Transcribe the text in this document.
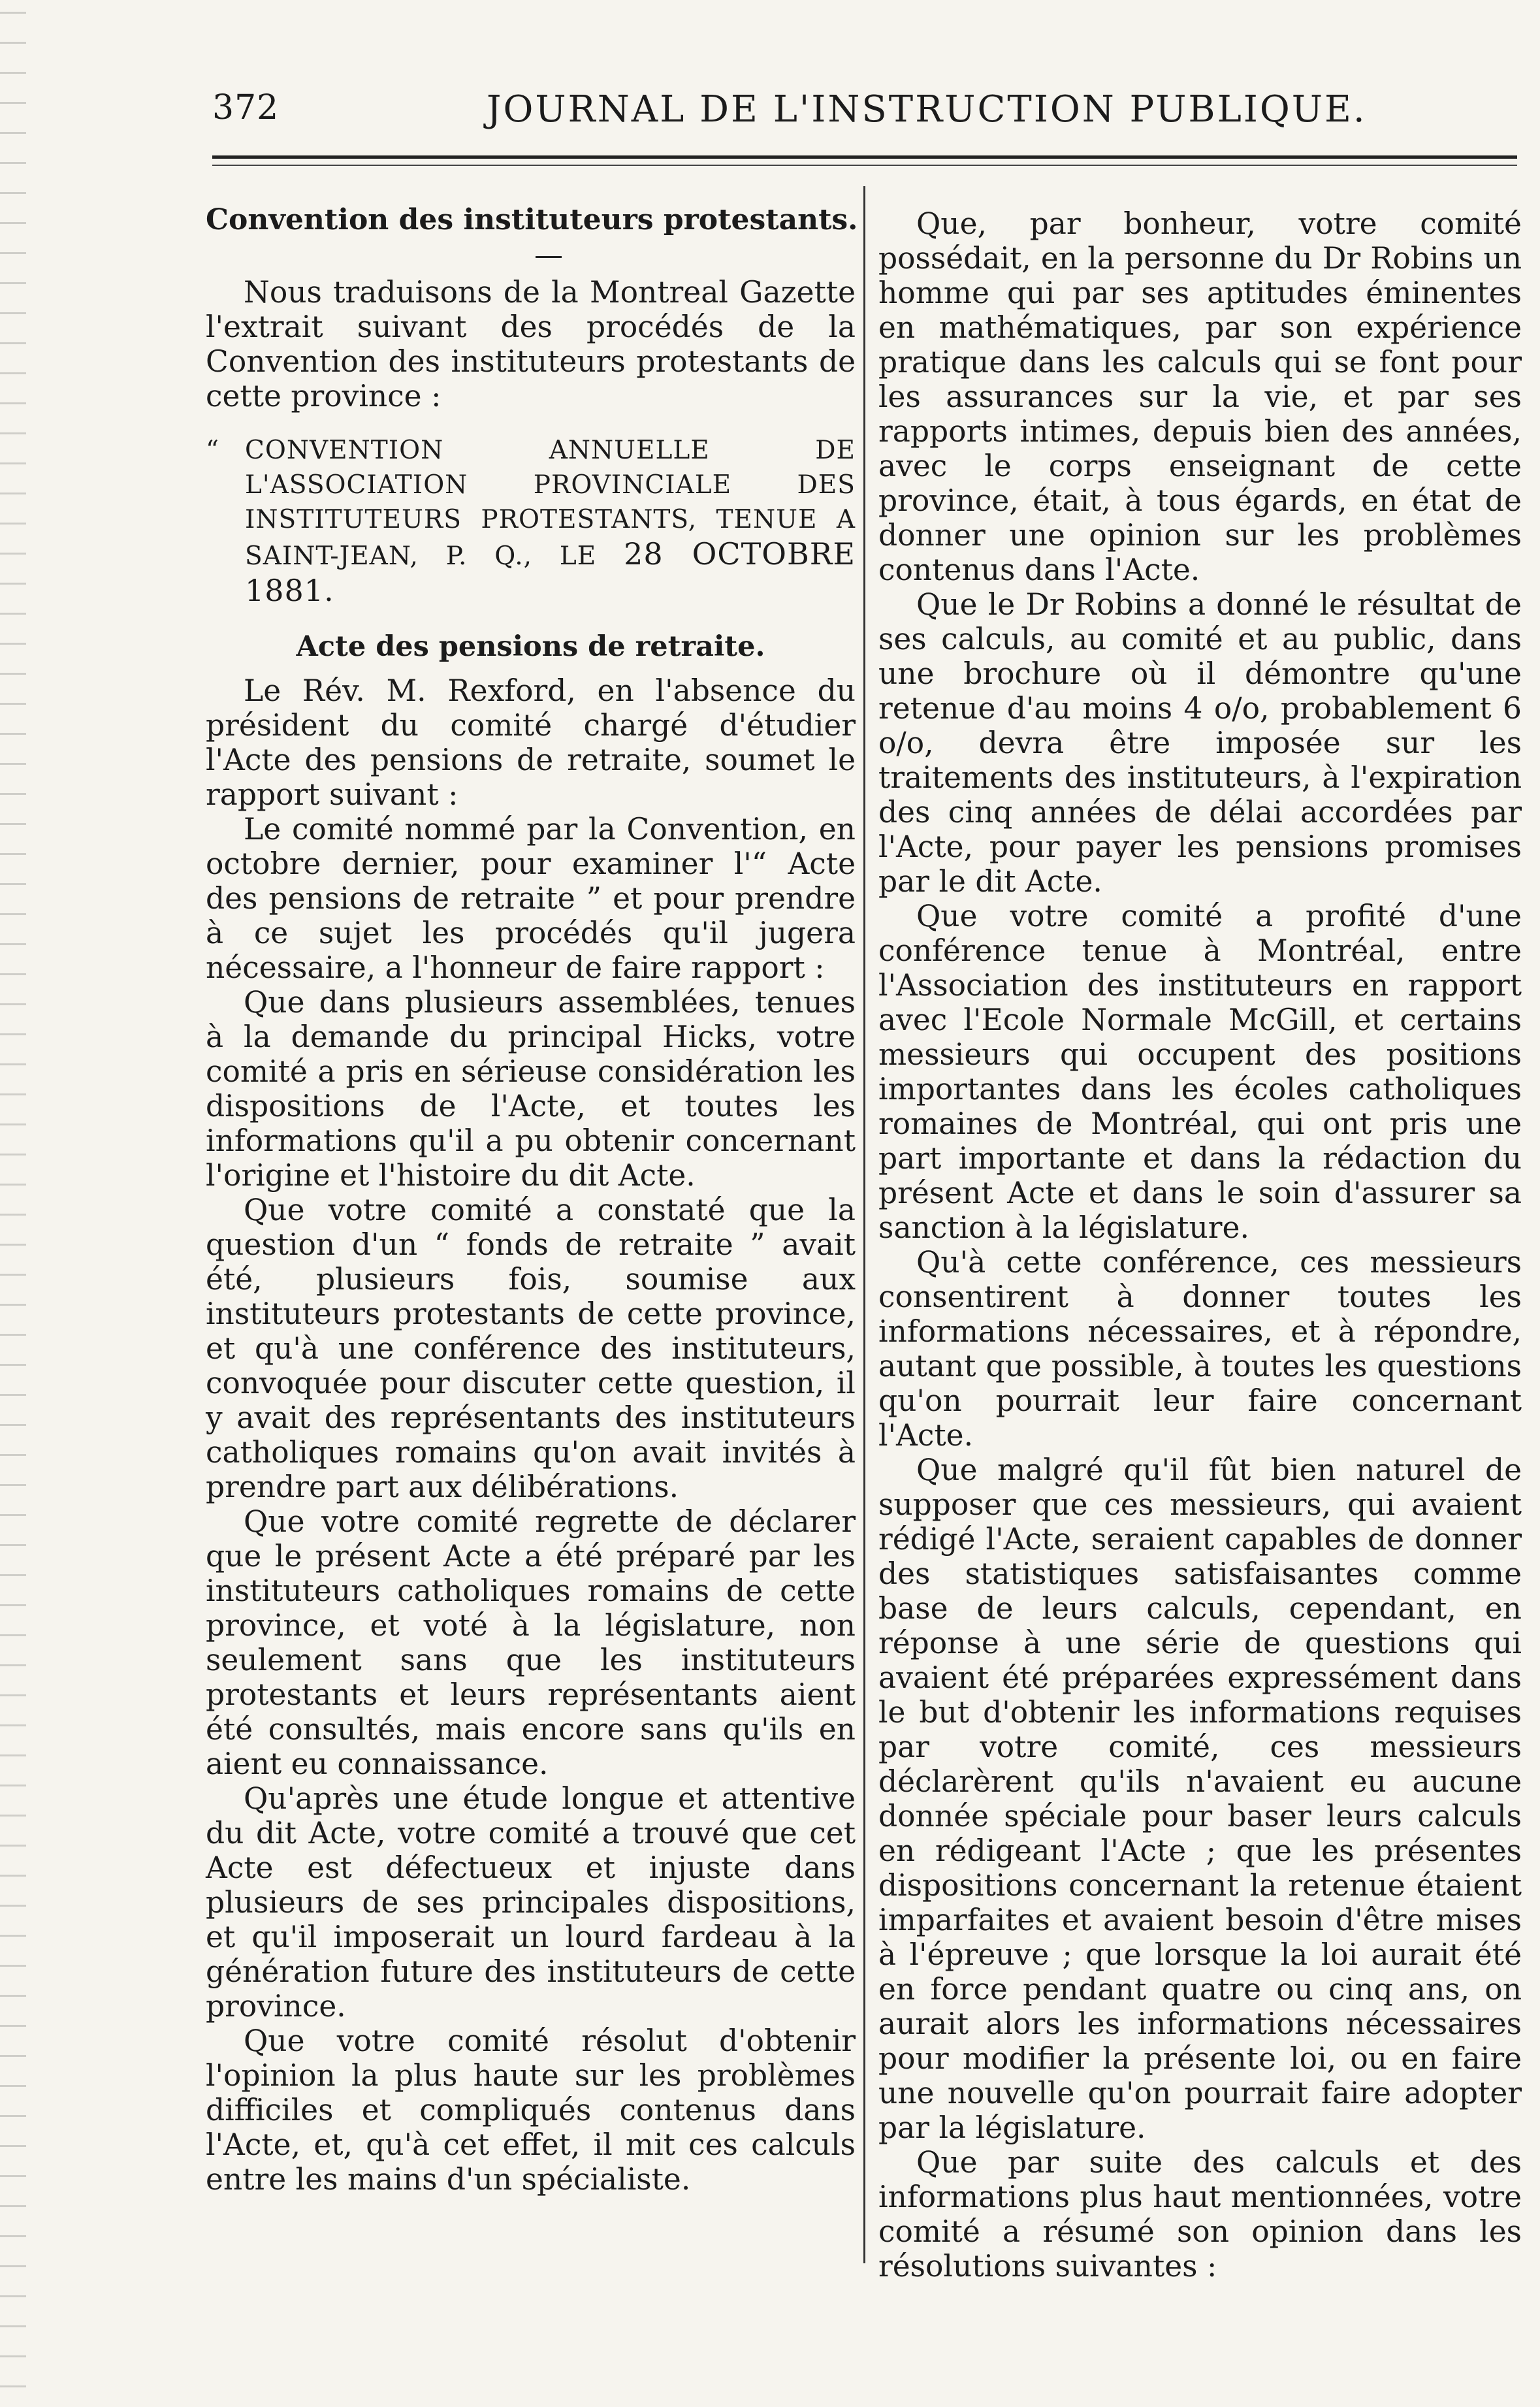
372	JOURNAL DE L'INSTRUCTION PUBLIQUE.
Convention des instituteurs protestants.

Nous traduisons de la Montreal Gazette l'extrait suivant des procédés de la Convention des instituteurs protestants de cette province :

“ CONVENTION ANNUELLE DE L'ASSOCIATION PROVINCIALE DES INSTITUTEURS PROTESTANTS, TENUE A SAINT-JEAN, P. Q., LE 28 OCTOBRE 1881.

Acte des pensions de retraite.

Le Rév. M. Rexford, en l'absence du président du comité chargé d'étudier l'Acte des pensions de retraite, soumet le rapport suivant :

Le comité nommé par la Convention, en octobre dernier, pour examiner l'“ Acte des pensions de retraite ” et pour prendre à ce sujet les procédés qu'il jugera nécessaire, a l'honneur de faire rapport :

Que dans plusieurs assemblées, tenues à la demande du principal Hicks, votre comité a pris en sérieuse considération les dispositions de l'Acte, et toutes les informations qu'il a pu obtenir concernant l'origine et l'histoire du dit Acte.

Que votre comité a constaté que la question d'un “ fonds de retraite ” avait été, plusieurs fois, soumise aux instituteurs protestants de cette province, et qu'à une conférence des instituteurs, convoquée pour discuter cette question, il y avait des représentants des instituteurs catholiques romains qu'on avait invités à prendre part aux délibérations.

Que votre comité regrette de déclarer que le présent Acte a été préparé par les instituteurs catholiques romains de cette province, et voté à la législature, non seulement sans que les instituteurs protestants et leurs représentants aient été consultés, mais encore sans qu'ils en aient eu connaissance.

Qu'après une étude longue et attentive du dit Acte, votre comité a trouvé que cet Acte est défectueux et injuste dans plusieurs de ses principales dispositions, et qu'il imposerait un lourd fardeau à la génération future des instituteurs de cette province.

Que votre comité résolut d'obtenir l'opinion la plus haute sur les problèmes difficiles et compliqués contenus dans l'Acte, et, qu'à cet effet, il mit ces calculs entre les mains d'un spécialiste.

Que, par bonheur, votre comité possédait, en la personne du Dr Robins un homme qui par ses aptitudes éminentes en mathématiques, par son expérience pratique dans les calculs qui se font pour les assurances sur la vie, et par ses rapports intimes, depuis bien des années, avec le corps enseignant de cette province, était, à tous égards, en état de donner une opinion sur les problèmes contenus dans l'Acte.

Que le Dr Robins a donné le résultat de ses calculs, au comité et au public, dans une brochure où il démontre qu'une retenue d'au moins 4 o/o, probablement 6 o/o, devra être imposée sur les traitements des instituteurs, à l'expiration des cinq années de délai accordées par l'Acte, pour payer les pensions promises par le dit Acte.

Que votre comité a profité d'une conférence tenue à Montréal, entre l'Association des instituteurs en rapport avec l'Ecole Normale McGill, et certains messieurs qui occupent des positions importantes dans les écoles catholiques romaines de Montréal, qui ont pris une part importante et dans la rédaction du présent Acte et dans le soin d'assurer sa sanction à la législature.

Qu'à cette conférence, ces messieurs consentirent à donner toutes les informations nécessaires, et à répondre, autant que possible, à toutes les questions qu'on pourrait leur faire concernant l'Acte.

Que malgré qu'il fût bien naturel de supposer que ces messieurs, qui avaient rédigé l'Acte, seraient capables de donner des statistiques satisfaisantes comme base de leurs calculs, cependant, en réponse à une série de questions qui avaient été préparées expressément dans le but d'obtenir les informations requises par votre comité, ces messieurs déclarèrent qu'ils n'avaient eu aucune donnée spéciale pour baser leurs calculs en rédigeant l'Acte ; que les présentes dispositions concernant la retenue étaient imparfaites et avaient besoin d'être mises à l'épreuve ; que lorsque la loi aurait été en force pendant quatre ou cinq ans, on aurait alors les informations nécessaires pour modifier la présente loi, ou en faire une nouvelle qu'on pourrait faire adopter par la législature.

Que par suite des calculs et des informations plus haut mentionnées, votre comité a résumé son opinion dans les résolutions suivantes :
